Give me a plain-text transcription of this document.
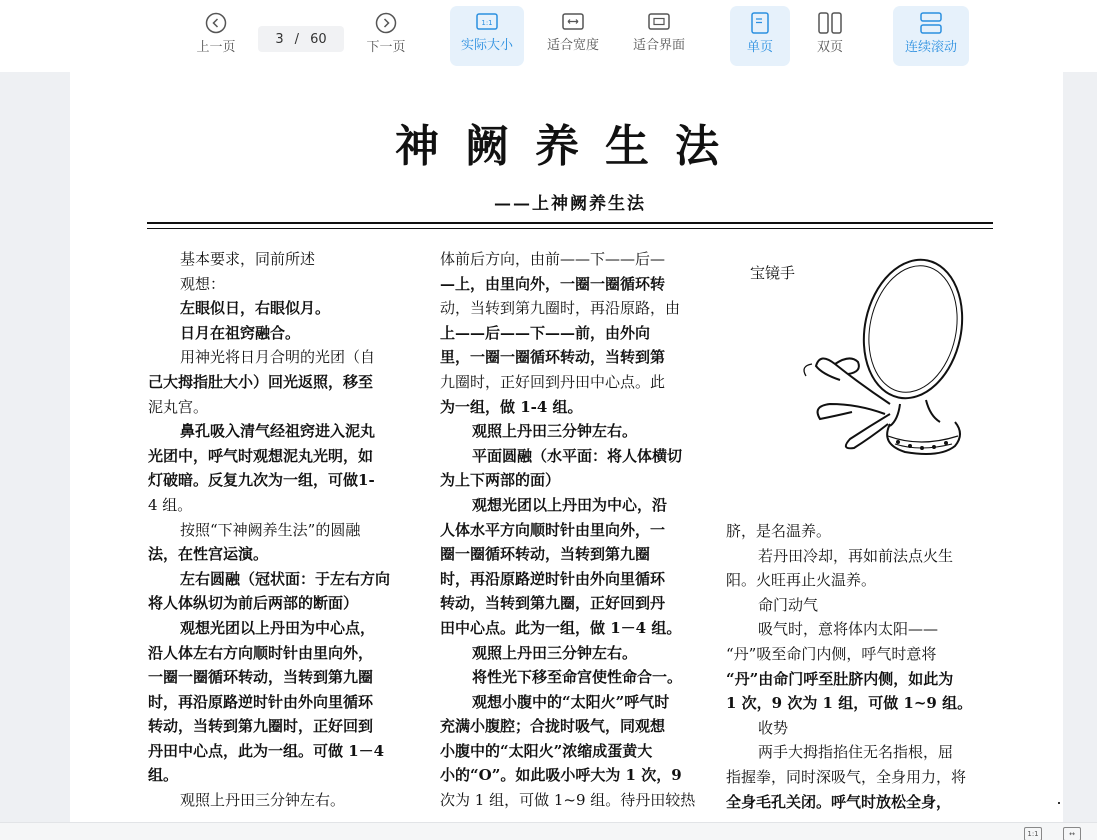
上一页
3 / 60
下一页
1:1
实际大小	适合宽度	适合界面	单页	双页	连续滚动
神阙养生法
——上神阙养生法

基本要求，同前所述

观想：

左眼似日，右眼似月。

日月在祖窍融合。

用神光将日月合明的光团（自

己大拇指肚大小）回光返照，移至

泥丸宫。

鼻孔吸入清气经祖窍进入泥丸

光团中，呼气时观想泥丸光明，如

灯破暗。反复九次为一组，可做1-

4 组。

按照“下神阙养生法”的圆融

法，在性宫运演。

左右圆融（冠状面：于左右方向

将人体纵切为前后两部的断面）

观想光团以上丹田为中心点，

沿人体左右方向顺时针由里向外，

一圈一圈循环转动，当转到第九圈

时，再沿原路逆时针由外向里循环

转动，当转到第九圈时，正好回到

丹田中心点，此为一组。可做 1－4

组。

观照上丹田三分钟左右。

体前后方向，由前——下——后—

—上，由里向外，一圈一圈循环转

动，当转到第九圈时，再沿原路，由

上——后——下——前，由外向

里，一圈一圈循环转动，当转到第

九圈时，正好回到丹田中心点。此

为一组，做 1-4 组。

观照上丹田三分钟左右。

平面圆融（水平面：将人体横切

为上下两部的面）

观想光团以上丹田为中心，沿

人体水平方向顺时针由里向外，一

圈一圈循环转动，当转到第九圈

时，再沿原路逆时针由外向里循环

转动，当转到第九圈，正好回到丹

田中心点。此为一组，做 1－4 组。

观照上丹田三分钟左右。

将性光下移至命宫使性命合一。

观想小腹中的“太阳火”呼气时

充满小腹腔；合拢时吸气，同观想

小腹中的“太阳火”浓缩成蛋黄大

小的“O”。如此吸小呼大为 1 次，9

次为 1 组，可做 1~9 组。待丹田较热

宝镜手

脐，是名温养。

若丹田冷却，再如前法点火生

阳。火旺再止火温养。

命门动气

吸气时，意将体内太阳——

“丹”吸至命门内侧，呼气时意将

“丹”由命门呼至肚脐内侧，如此为

1 次，9 次为 1 组，可做 1~9 组。

收势

两手大拇指掐住无名指根，屈

指握拳，同时深吸气，全身用力，将

全身毛孔关闭。呼气时放松全身，

1:1	↔
